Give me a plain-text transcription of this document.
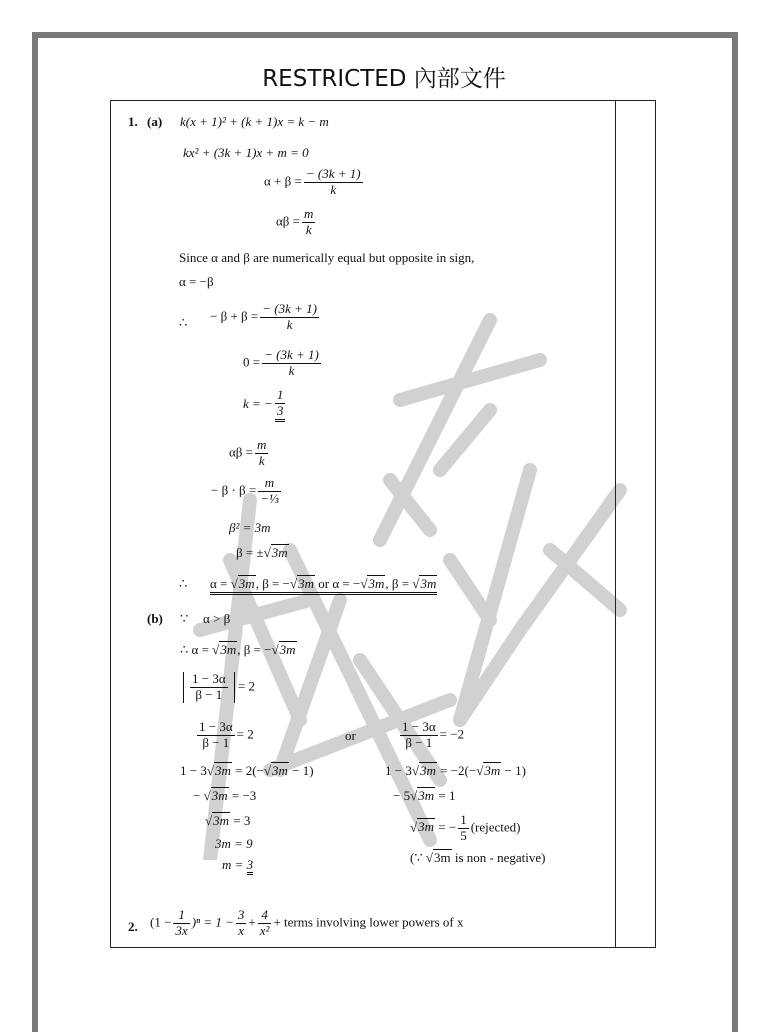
RESTRICTED 內部文件
1. (a) k(x + 1)² + (k + 1)x = k − m
kx² + (3k + 1)x + m = 0
$\alpha + \beta = \frac{- (3k + 1)}{k}$
$\alpha\beta = \frac{m}{k}$
Since α and β are numerically equal but opposite in sign,
α = −β
∴ − $\beta + \beta = \frac{- (3k + 1)}{k}$
$0 = \frac{- (3k + 1)}{k}$
k = − $\frac{1}{3}$
$\alpha\beta = \frac{m}{k}$
− $\beta \cdot \beta = \frac{m}{\text{−⅓}}$
β² = 3m
β = ±√3m
∴ α = √3m, β = −√3m or α = −√3m, β = √3m
(b) ∵ α > β
∴ α = √3m, β = −√3m
$\frac{1 - 3\alpha}{\beta - 1} = 2$
$\frac{1 - 3\alpha}{\beta - 1} = 2$	or	$\frac{1 - 3\alpha}{\beta - 1} = -2$
1 − 3√3m = 2(−√3m − 1)
− √3m = −3
√3m = 3
3m = 9
m = 3
1 − 3√3m = −2(−√3m − 1)
− 5√3m = 1
√3m = − $\frac{1}{5}$ (rejected)
(∵ √3m is non - negative)
2. $(1 - \frac{1}{3x} )^n = 1 - \frac{3}{x} + \frac{4}{\text{x²}}$ + terms involving lower powers of x
